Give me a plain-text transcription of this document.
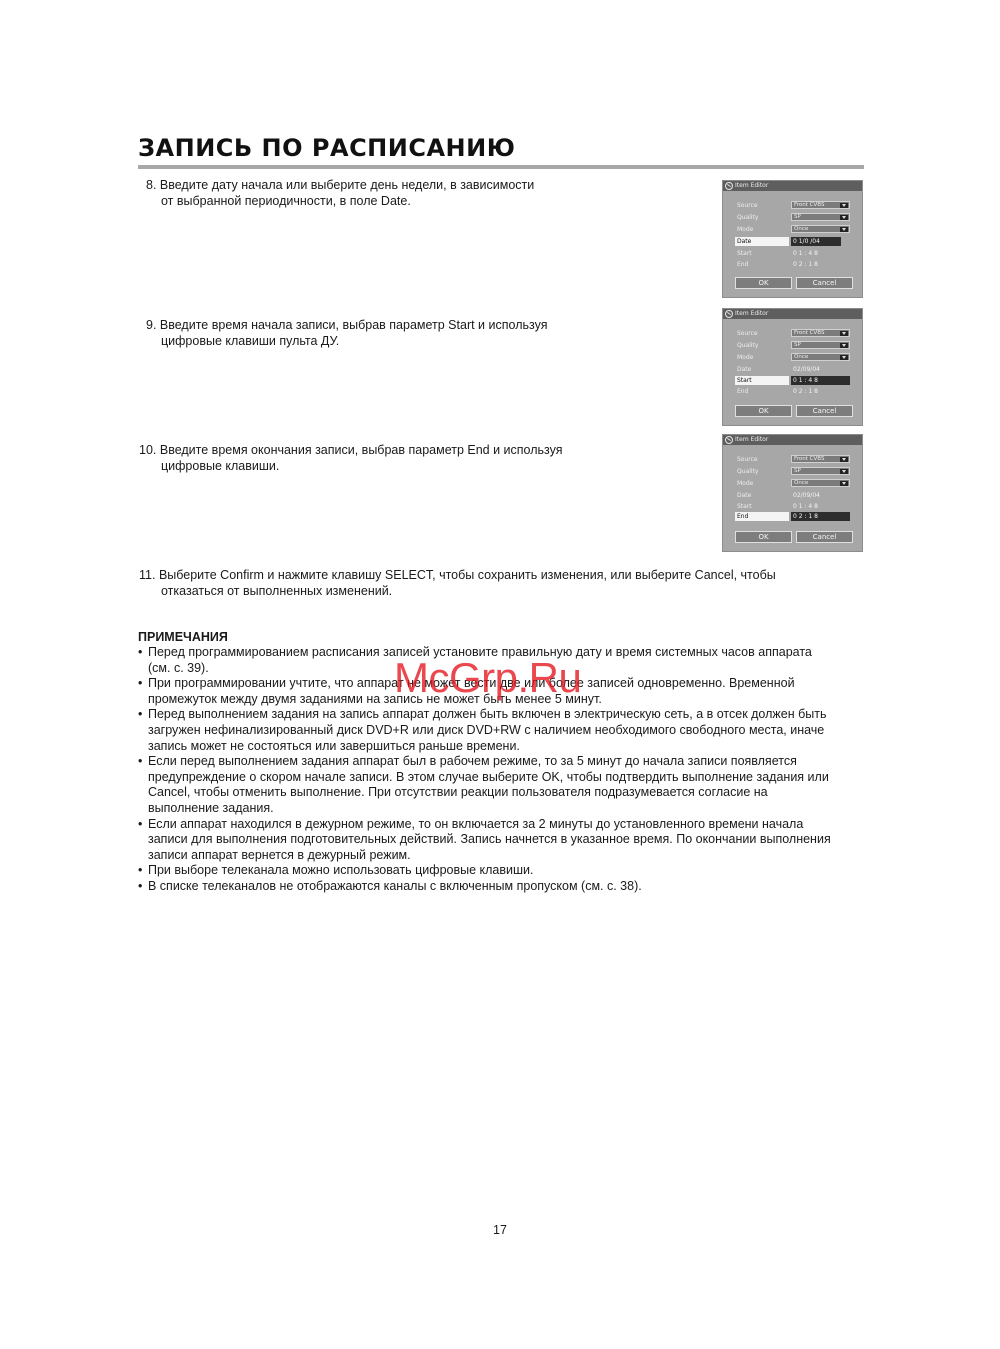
ЗАПИСЬ ПО РАСПИСАНИЮ
8. Введите дату начала или выберите день недели, в зависимости
от выбранной периодичности, в поле Date.
9. Введите время начала записи, выбрав параметр Start и используя
цифровые клавиши пульта ДУ.
10. Введите время окончания записи, выбрав параметр End и используя
цифровые клавиши.
11. Выберите Confirm и нажмите клавишу SELECT, чтобы сохранить изменения, или выберите Cancel, чтобы
отказаться от выполненных изменений.
Item Editor
Source	Front CVBS
Quality	SP
Mode	Once
Date	0 1/0 /04
Start	0 1 : 4 8
End	0 2 : 1 8
OK	Cancel
Item Editor
Source	Front CVBS
Quality	SP
Mode	Once
Date	02/09/04
Start	0 1 : 4 8
End	0 2 : 1 8
OK	Cancel
Item Editor
Source	Front CVBS
Quality	SP
Mode	Once
Date	02/09/04
Start	0 1 : 4 8
End	0 2 : 1 8
OK	Cancel
ПРИМЕЧАНИЯ
• Перед программированием расписания записей установите правильную дату и время системных часов аппарата
(см. с. 39).
• При программировании учтите, что аппарат не может вести две или более записей одновременно. Временной
промежуток между двумя заданиями на запись не может быть менее 5 минут.
• Перед выполнением задания на запись аппарат должен быть включен в электрическую сеть, а в отсек должен быть
загружен нефинализированный диск DVD+R или диск DVD+RW с наличием необходимого свободного места, иначе
запись может не состояться или завершиться раньше времени.
• Если перед выполнением задания аппарат был в рабочем режиме, то за 5 минут до начала записи появляется
предупреждение о скором начале записи. В этом случае выберите OK, чтобы подтвердить выполнение задания или
Cancel, чтобы отменить выполнение. При отсутствии реакции пользователя подразумевается согласие на
выполнение задания.
• Если аппарат находился в дежурном режиме, то он включается за 2 минуты до установленного времени начала
записи для выполнения подготовительных действий. Запись начнется в указанное время. По окончании выполнения
записи аппарат вернется в дежурный режим.
• При выборе телеканала можно использовать цифровые клавиши.
• В списке телеканалов не отображаются каналы с включенным пропуском (см. с. 38).
McGrp.Ru
17
